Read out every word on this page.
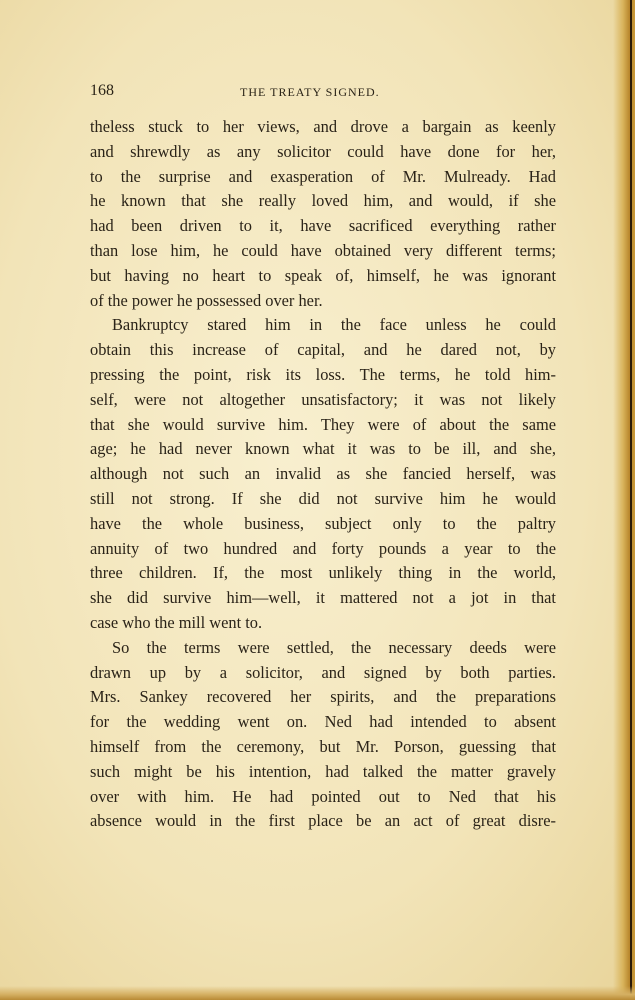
168	THE TREATY SIGNED.
theless stuck to her views, and drove a bargain as keenly
and shrewdly as any solicitor could have done for her,
to the surprise and exasperation of Mr. Mulready. Had
he known that she really loved him, and would, if she
had been driven to it, have sacrificed everything rather
than lose him, he could have obtained very different terms;
but having no heart to speak of, himself, he was ignorant
of the power he possessed over her.
Bankruptcy stared him in the face unless he could
obtain this increase of capital, and he dared not, by
pressing the point, risk its loss. The terms, he told him-
self, were not altogether unsatisfactory; it was not likely
that she would survive him. They were of about the same
age; he had never known what it was to be ill, and she,
although not such an invalid as she fancied herself, was
still not strong. If she did not survive him he would
have the whole business, subject only to the paltry
annuity of two hundred and forty pounds a year to the
three children. If, the most unlikely thing in the world,
she did survive him—well, it mattered not a jot in that
case who the mill went to.
So the terms were settled, the necessary deeds were
drawn up by a solicitor, and signed by both parties.
Mrs. Sankey recovered her spirits, and the preparations
for the wedding went on. Ned had intended to absent
himself from the ceremony, but Mr. Porson, guessing that
such might be his intention, had talked the matter gravely
over with him. He had pointed out to Ned that his
absence would in the first place be an act of great disre-
